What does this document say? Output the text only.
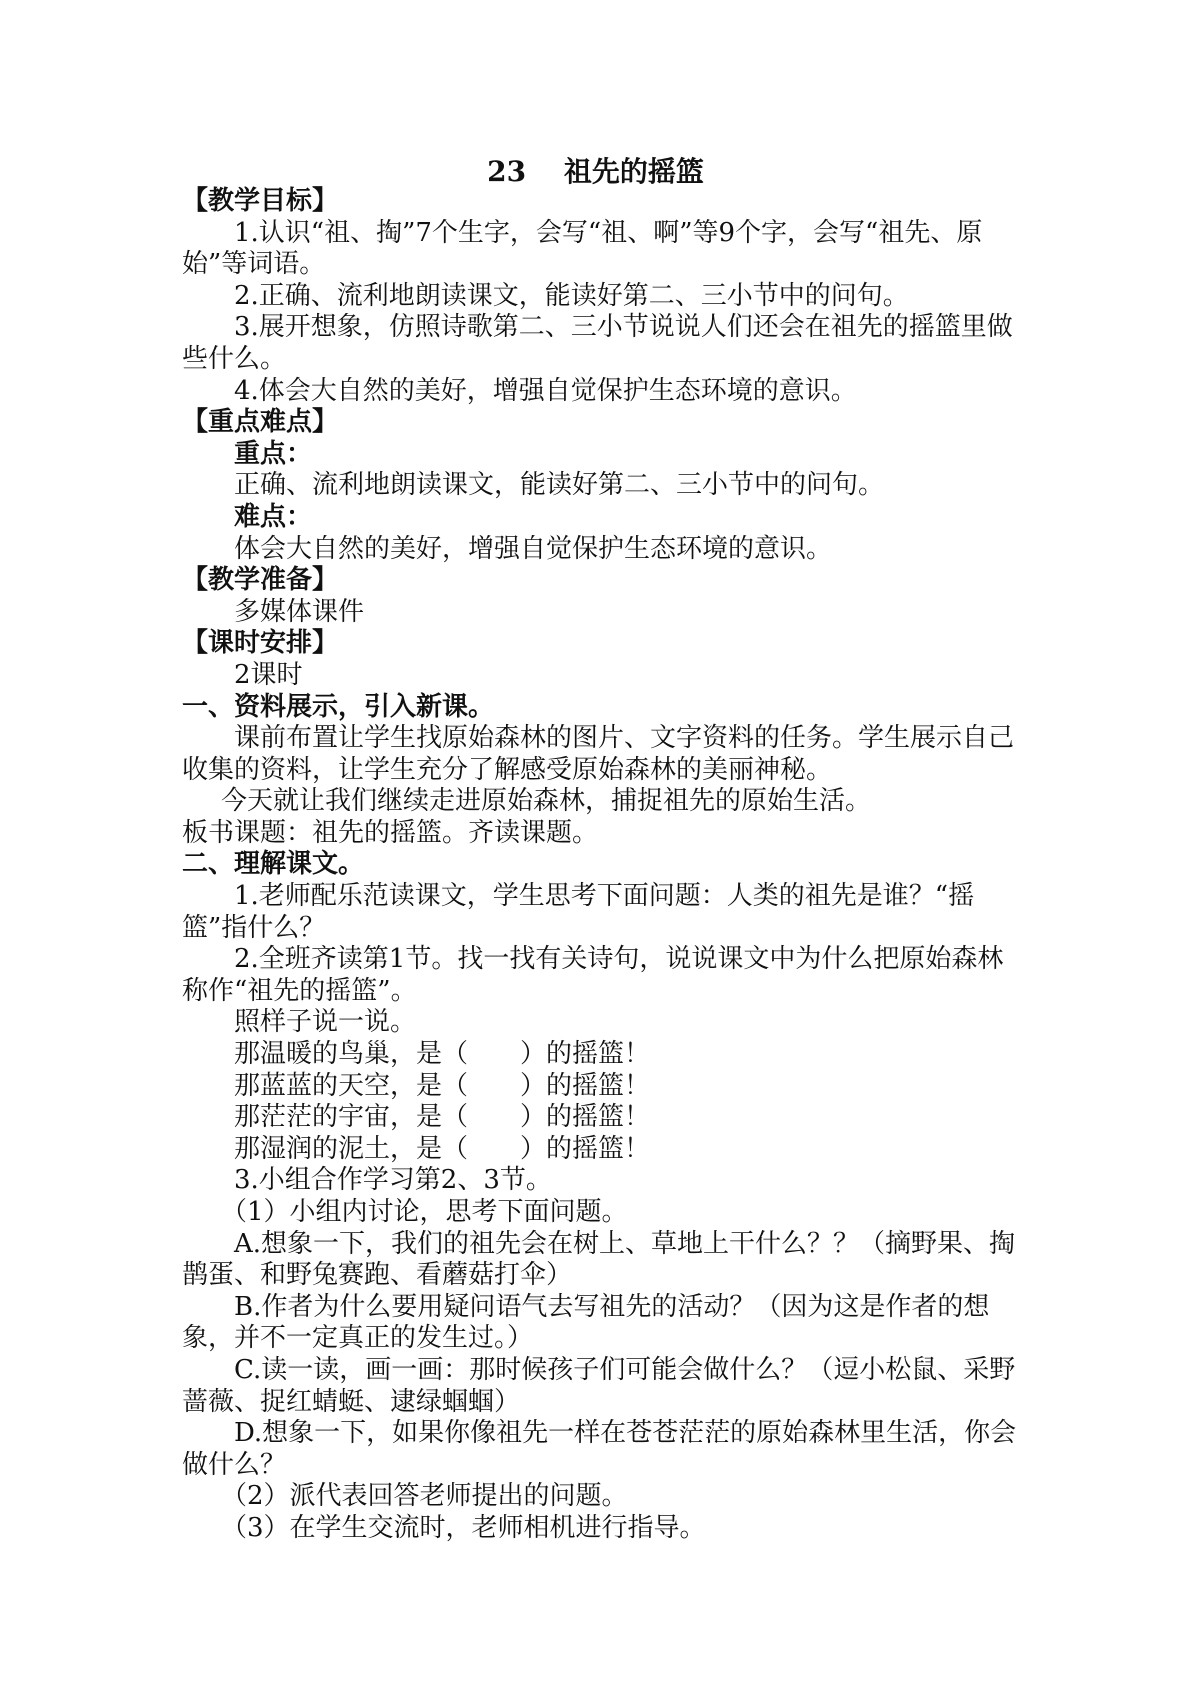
23　 祖先的摇篮

【教学目标】

1.认识“祖、掏”7个生字，会写“祖、啊”等9个字，会写“祖先、原始”等词语。

2.正确、流利地朗读课文，能读好第二、三小节中的问句。

3.展开想象，仿照诗歌第二、三小节说说人们还会在祖先的摇篮里做些什么。

4.体会大自然的美好，增强自觉保护生态环境的意识。

【重点难点】

重点：

正确、流利地朗读课文，能读好第二、三小节中的问句。

难点：

体会大自然的美好，增强自觉保护生态环境的意识。

【教学准备】

多媒体课件

【课时安排】

2课时

一、资料展示，引入新课。

课前布置让学生找原始森林的图片、文字资料的任务。学生展示自己收集的资料，让学生充分了解感受原始森林的美丽神秘。

今天就让我们继续走进原始森林，捕捉祖先的原始生活。

板书课题：祖先的摇篮。齐读课题。

二、理解课文。

1.老师配乐范读课文，学生思考下面问题：人类的祖先是谁？“摇篮”指什么？

2.全班齐读第1节。找一找有关诗句，说说课文中为什么把原始森林称作“祖先的摇篮”。

照样子说一说。

那温暖的鸟巢，是（　　）的摇篮！

那蓝蓝的天空，是（　　）的摇篮！

那茫茫的宇宙，是（　　）的摇篮！

那湿润的泥土，是（　　）的摇篮！

3.小组合作学习第2、3节。

（1）小组内讨论，思考下面问题。

A.想象一下，我们的祖先会在树上、草地上干什么？？（摘野果、掏鹊蛋、和野兔赛跑、看蘑菇打伞）

B.作者为什么要用疑问语气去写祖先的活动？（因为这是作者的想象，并不一定真正的发生过。）

C.读一读，画一画：那时候孩子们可能会做什么？（逗小松鼠、采野蔷薇、捉红蜻蜓、逮绿蝈蝈）

D.想象一下，如果你像祖先一样在苍苍茫茫的原始森林里生活，你会做什么？

（2）派代表回答老师提出的问题。

（3）在学生交流时，老师相机进行指导。
